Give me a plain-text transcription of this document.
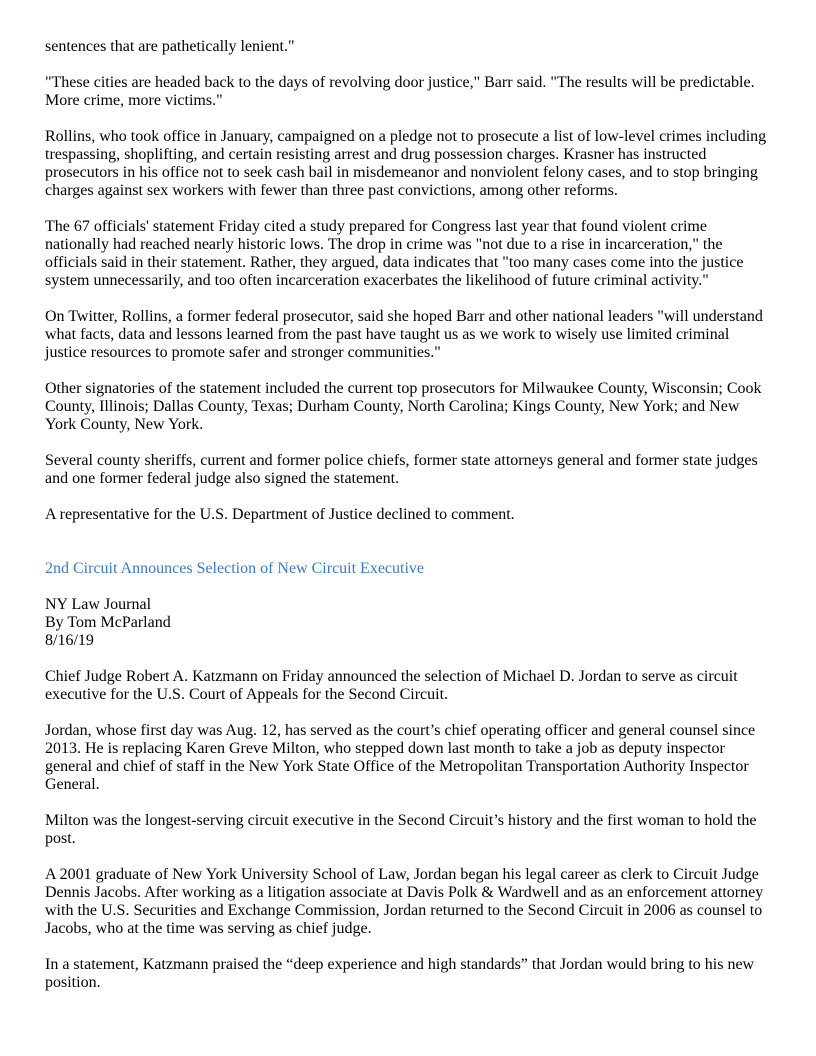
sentences that are pathetically lenient."

"These cities are headed back to the days of revolving door justice," Barr said. "The results will be predictable. More crime, more victims."

Rollins, who took office in January, campaigned on a pledge not to prosecute a list of low-level crimes including trespassing, shoplifting, and certain resisting arrest and drug possession charges. Krasner has instructed prosecutors in his office not to seek cash bail in misdemeanor and nonviolent felony cases, and to stop bringing charges against sex workers with fewer than three past convictions, among other reforms.

The 67 officials' statement Friday cited a study prepared for Congress last year that found violent crime nationally had reached nearly historic lows. The drop in crime was "not due to a rise in incarceration," the officials said in their statement. Rather, they argued, data indicates that "too many cases come into the justice system unnecessarily, and too often incarceration exacerbates the likelihood of future criminal activity."

On Twitter, Rollins, a former federal prosecutor, said she hoped Barr and other national leaders "will understand what facts, data and lessons learned from the past have taught us as we work to wisely use limited criminal justice resources to promote safer and stronger communities."

Other signatories of the statement included the current top prosecutors for Milwaukee County, Wisconsin; Cook County, Illinois; Dallas County, Texas; Durham County, North Carolina; Kings County, New York; and New York County, New York.

Several county sheriffs, current and former police chiefs, former state attorneys general and former state judges and one former federal judge also signed the statement.

A representative for the U.S. Department of Justice declined to comment.

2nd Circuit Announces Selection of New Circuit Executive

NY Law Journal
By Tom McParland
8/16/19

Chief Judge Robert A. Katzmann on Friday announced the selection of Michael D. Jordan to serve as circuit executive for the U.S. Court of Appeals for the Second Circuit.

Jordan, whose first day was Aug. 12, has served as the court’s chief operating officer and general counsel since 2013. He is replacing Karen Greve Milton, who stepped down last month to take a job as deputy inspector general and chief of staff in the New York State Office of the Metropolitan Transportation Authority Inspector General.

Milton was the longest-serving circuit executive in the Second Circuit’s history and the first woman to hold the post.

A 2001 graduate of New York University School of Law, Jordan began his legal career as clerk to Circuit Judge Dennis Jacobs. After working as a litigation associate at Davis Polk & Wardwell and as an enforcement attorney with the U.S. Securities and Exchange Commission, Jordan returned to the Second Circuit in 2006 as counsel to Jacobs, who at the time was serving as chief judge.

In a statement, Katzmann praised the “deep experience and high standards” that Jordan would bring to his new position.
